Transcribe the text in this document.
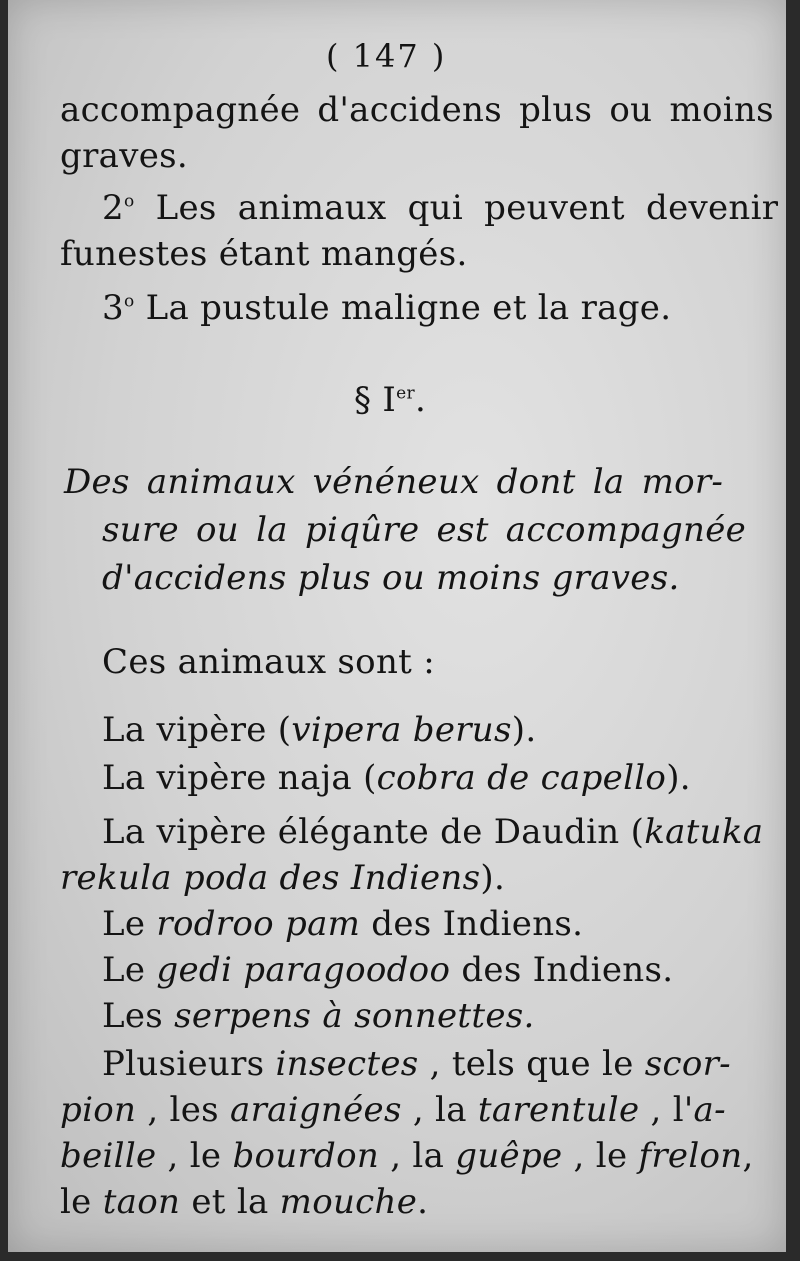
( 147 )
accompagnée d'accidens plus ou moins
graves.
2$^o$ Les animaux qui peuvent devenir
funestes étant mangés.
3$^o$ La pustule maligne et la rage.
§ Ier.
Des animaux vénéneux dont la mor-
sure ou la piqûre est accompagnée
d'accidens plus ou moins graves.
Ces animaux sont :
La vipère (vipera berus).
La vipère naja (cobra de capello).
La vipère élégante de Daudin (katuka
rekula poda des Indiens).
Le rodroo pam des Indiens.
Le gedi paragoodoo des Indiens.
Les serpens à sonnettes.
Plusieurs insectes , tels que le scor-
pion , les araignées , la tarentule , l'a-
beille , le bourdon , la guêpe , le frelon,
le taon et la mouche.
